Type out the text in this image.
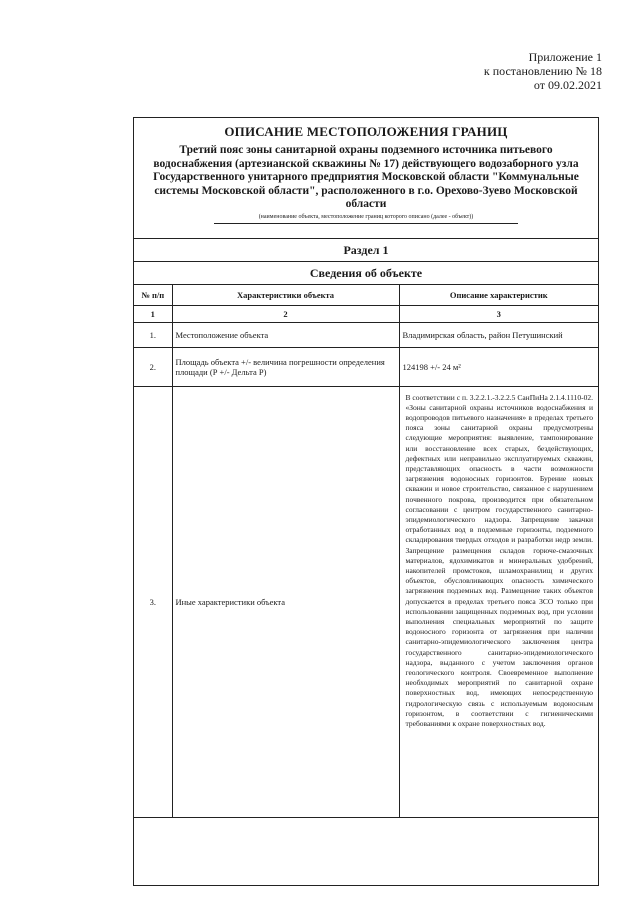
Приложение 1
к постановлению № 18
от 09.02.2021
ОПИСАНИЕ МЕСТОПОЛОЖЕНИЯ ГРАНИЦ
Третий пояс зоны санитарной охраны подземного источника питьевого водоснабжения (артезианской скважины № 17) действующего водозаборного узла Государственного унитарного предприятия Московской области "Коммунальные системы Московской области", расположенного в г.о. Орехово-Зуево Московской области
(наименование объекта, местоположение границ которого описано (далее - объект))
Раздел 1
Сведения об объекте
№ п/п	Характеристики объекта	Описание характеристик
1	2	3
1.	Местоположение объекта	Владимирская область, район Петушинский
2.	Площадь объекта +/- величина погрешности определения площади (Р +/- Дельта Р)	124198 +/- 24 м²
3.	Иные характеристики объекта	В соответствии с п. 3.2.2.1.-3.2.2.5 СанПиНа 2.1.4.1110-02. «Зоны санитарной охраны источников водоснабжения и водопроводов питьевого назначения» в пределах третьего пояса зоны санитарной охраны предусмотрены следующие мероприятия: выявление, тампонирование или восстановление всех старых, бездействующих, дефектных или неправильно эксплуатируемых скважин, представляющих опасность в части возможности загрязнения водоносных горизонтов. Бурение новых скважин и новое строительство, связанное с нарушением почвенного покрова, производится при обязательном согласовании с центром государственного санитарно-эпидемиологического надзора. Запрещение закачки отработанных вод в подземные горизонты, подземного складирования твердых отходов и разработки недр земли. Запрещение размещения складов горюче-смазочных материалов, ядохимикатов и минеральных удобрений, накопителей промстоков, шламохранилищ и других объектов, обусловливающих опасность химического загрязнения подземных вод. Размещение таких объектов допускается в пределах третьего пояса ЗСО только при использовании защищенных подземных вод, при условии выполнения специальных мероприятий по защите водоносного горизонта от загрязнения при наличии санитарно-эпидемиологического заключения центра государственного санитарно-эпидемиологического надзора, выданного с учетом заключения органов геологического контроля. Своевременное выполнение необходимых мероприятий по санитарной охране поверхностных вод, имеющих непосредственную гидрологическую связь с используемым водоносным горизонтом, в соответствии с гигиеническими требованиями к охране поверхностных вод.
